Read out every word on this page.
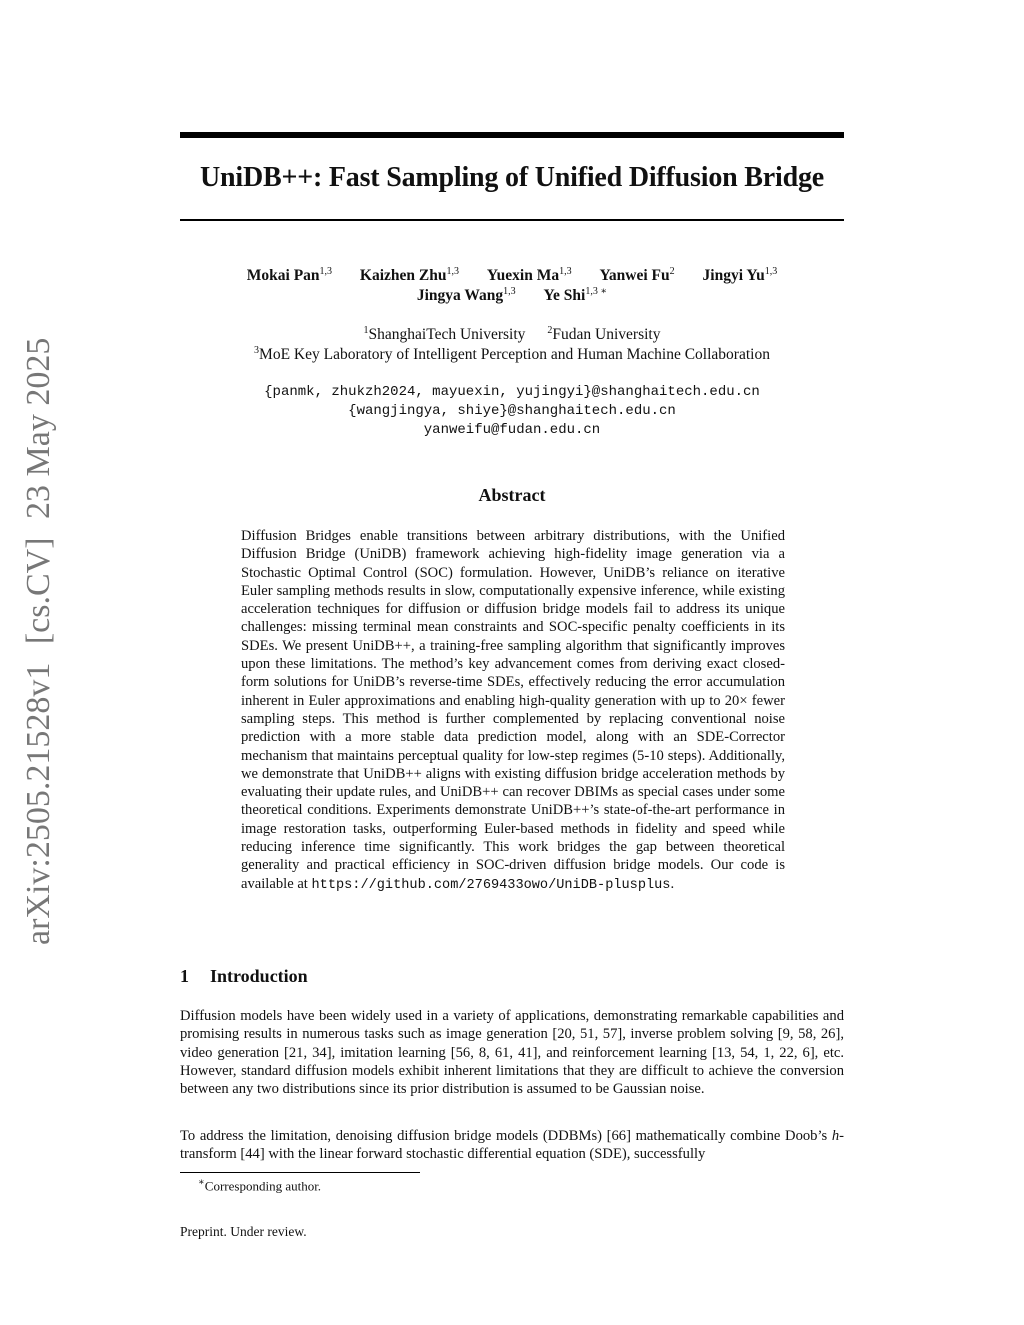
arXiv:2505.21528v1 [cs.CV] 23 May 2025
UniDB++: Fast Sampling of Unified Diffusion Bridge
Mokai Pan$^{1,3}$ Kaizhen Zhu$^{1,3}$ Yuexin Ma$^{1,3}$ Yanwei Fu$^2$ Jingyi Yu$^{1,3}$
Jingya Wang$^{1,3}$ Ye Shi$^{1,3 ∗}$
$^1$ShanghaiTech University $^2$Fudan University
$^3$MoE Key Laboratory of Intelligent Perception and Human Machine Collaboration
{panmk, zhukzh2024, mayuexin, yujingyi}@shanghaitech.edu.cn
{wangjingya, shiye}@shanghaitech.edu.cn
yanweifu@fudan.edu.cn
Abstract
Diffusion Bridges enable transitions between arbitrary distributions, with the Unified Diffusion Bridge (UniDB) framework achieving high-fidelity image generation via a Stochastic Optimal Control (SOC) formulation. However, UniDB’s reliance on iterative Euler sampling methods results in slow, computationally expensive inference, while existing acceleration techniques for diffusion or diffusion bridge models fail to address its unique challenges: missing terminal mean constraints and SOC-specific penalty coefficients in its SDEs. We present UniDB++, a training-free sampling algorithm that significantly improves upon these limitations. The method’s key advancement comes from deriving exact closed-form solutions for UniDB’s reverse-time SDEs, effectively reducing the error accumulation inherent in Euler approximations and enabling high-quality generation with up to 20× fewer sampling steps. This method is further complemented by replacing conventional noise prediction with a more stable data prediction model, along with an SDE-Corrector mechanism that maintains perceptual quality for low-step regimes (5-10 steps). Additionally, we demonstrate that UniDB++ aligns with existing diffusion bridge acceleration methods by evaluating their update rules, and UniDB++ can recover DBIMs as special cases under some theoretical conditions. Experiments demonstrate UniDB++’s state-of-the-art performance in image restoration tasks, outperforming Euler-based methods in fidelity and speed while reducing inference time significantly. This work bridges the gap between theoretical generality and practical efficiency in SOC-driven diffusion bridge models. Our code is available at https://github.com/2769433owo/UniDB-plusplus.
1 Introduction
Diffusion models have been widely used in a variety of applications, demonstrating remarkable capabilities and promising results in numerous tasks such as image generation [20, 51, 57], inverse problem solving [9, 58, 26], video generation [21, 34], imitation learning [56, 8, 61, 41], and reinforcement learning [13, 54, 1, 22, 6], etc. However, standard diffusion models exhibit inherent limitations that they are difficult to achieve the conversion between any two distributions since its prior distribution is assumed to be Gaussian noise.
To address the limitation, denoising diffusion bridge models (DDBMs) [66] mathematically combine Doob’s h-transform [44] with the linear forward stochastic differential equation (SDE), successfully
∗Corresponding author.
Preprint. Under review.
